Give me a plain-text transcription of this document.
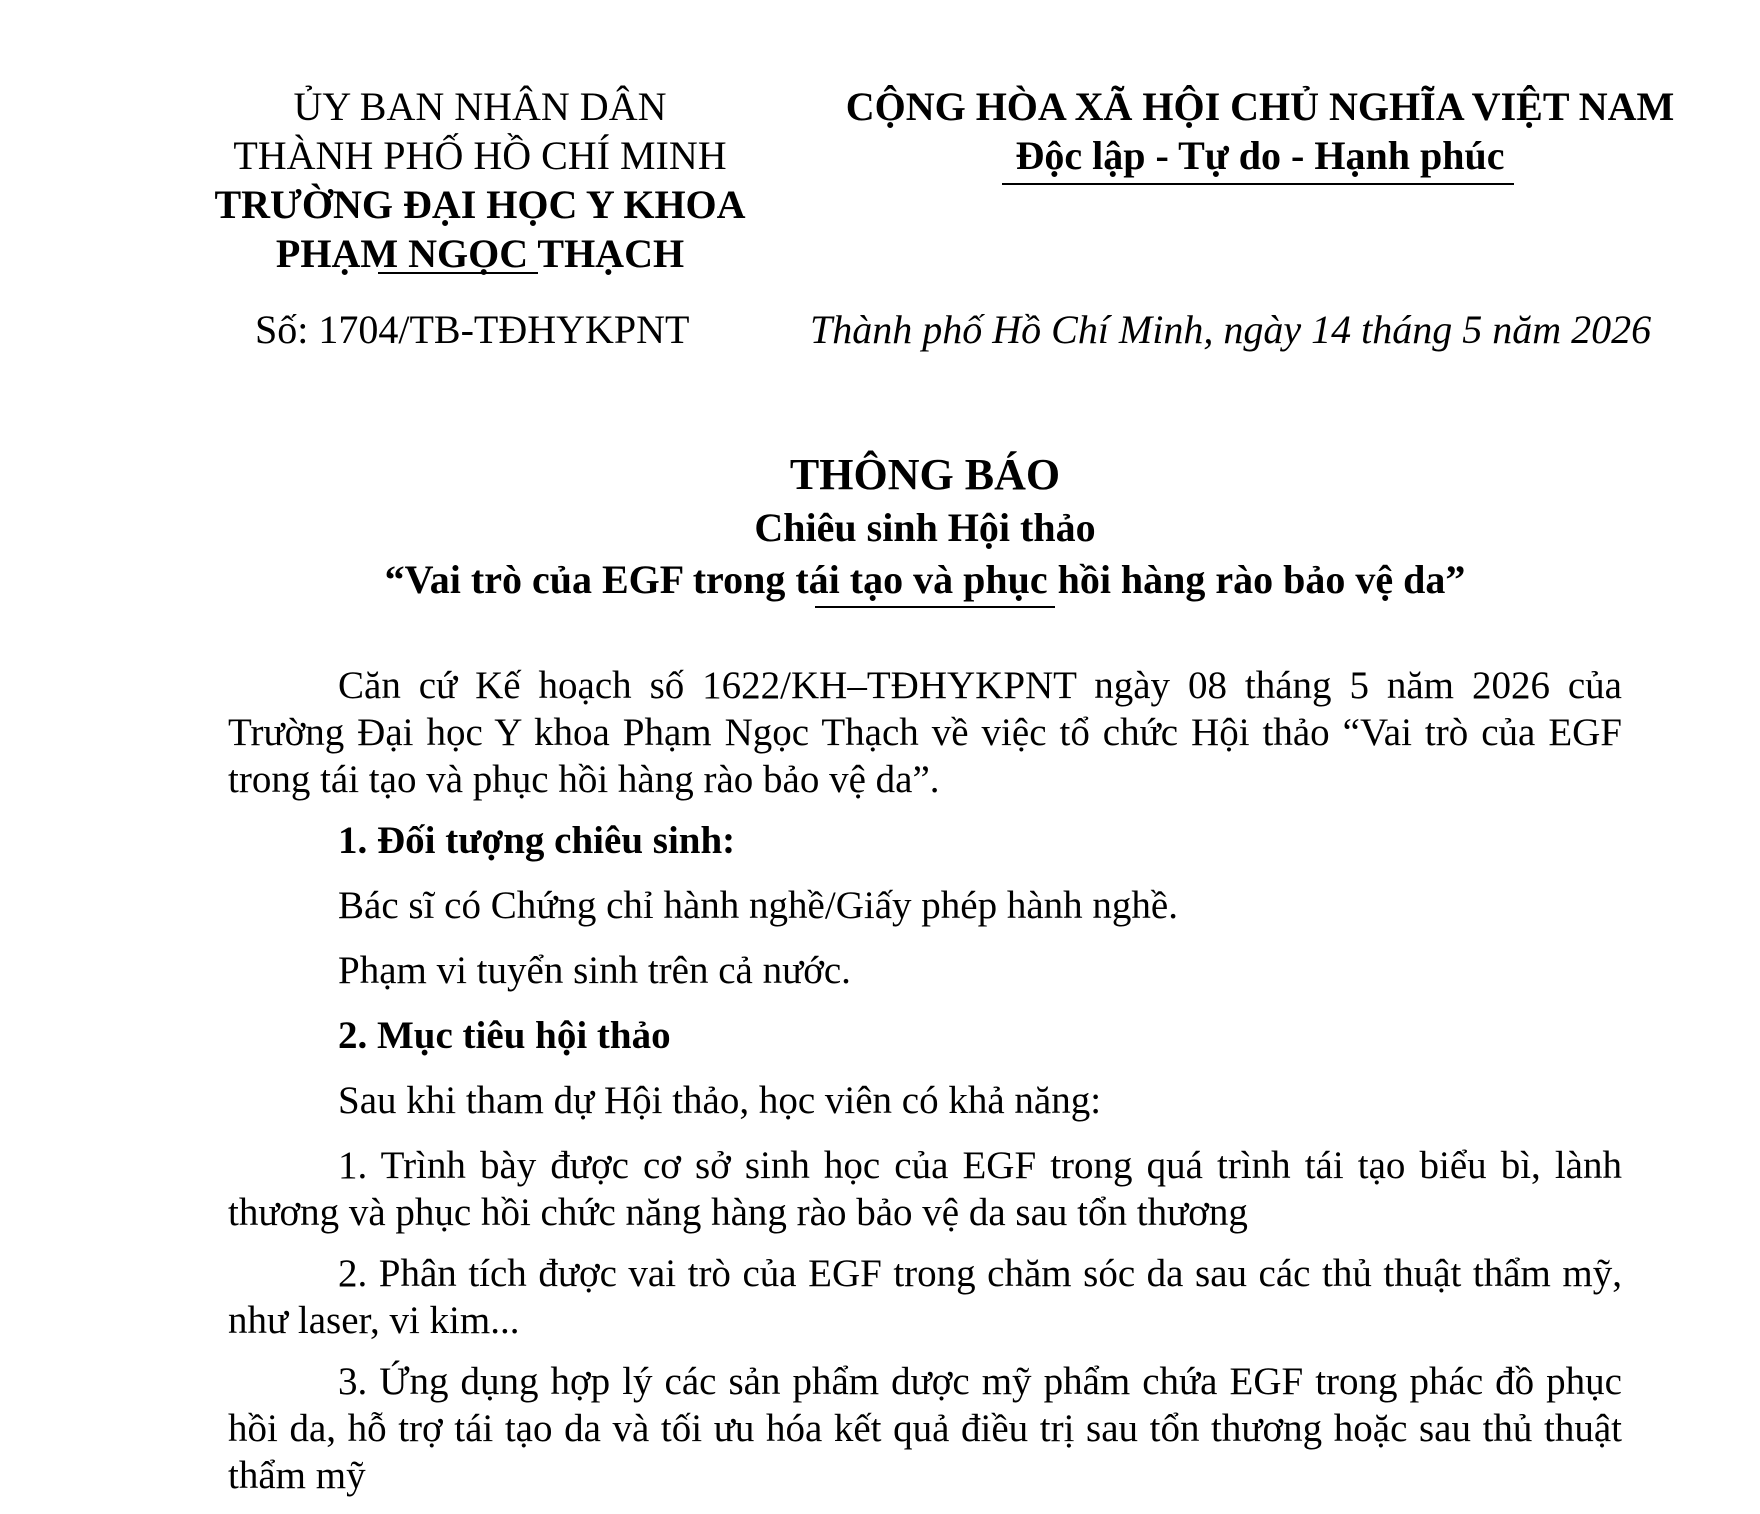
ỦY BAN NHÂN DÂN
THÀNH PHỐ HỒ CHÍ MINH
TRƯỜNG ĐẠI HỌC Y KHOA
PHẠM NGỌC THẠCH
CỘNG HÒA XÃ HỘI CHỦ NGHĨA VIỆT NAM
Độc lập - Tự do - Hạnh phúc
Số: 1704/TB-TĐHYKPNT	Thành phố Hồ Chí Minh, ngày 14 tháng 5 năm 2026
THÔNG BÁO
Chiêu sinh Hội thảo
“Vai trò của EGF trong tái tạo và phục hồi hàng rào bảo vệ da”

Căn cứ Kế hoạch số 1622/KH–TĐHYKPNT ngày 08 tháng 5 năm 2026 của Trường Đại học Y khoa Phạm Ngọc Thạch về việc tổ chức Hội thảo “Vai trò của EGF trong tái tạo và phục hồi hàng rào bảo vệ da”.

1. Đối tượng chiêu sinh:
Bác sĩ có Chứng chỉ hành nghề/Giấy phép hành nghề.
Phạm vi tuyển sinh trên cả nước.
2. Mục tiêu hội thảo
Sau khi tham dự Hội thảo, học viên có khả năng:

1. Trình bày được cơ sở sinh học của EGF trong quá trình tái tạo biểu bì, lành thương và phục hồi chức năng hàng rào bảo vệ da sau tổn thương

2. Phân tích được vai trò của EGF trong chăm sóc da sau các thủ thuật thẩm mỹ, như laser, vi kim...

3. Ứng dụng hợp lý các sản phẩm dược mỹ phẩm chứa EGF trong phác đồ phục hồi da, hỗ trợ tái tạo da và tối ưu hóa kết quả điều trị sau tổn thương hoặc sau thủ thuật thẩm mỹ
